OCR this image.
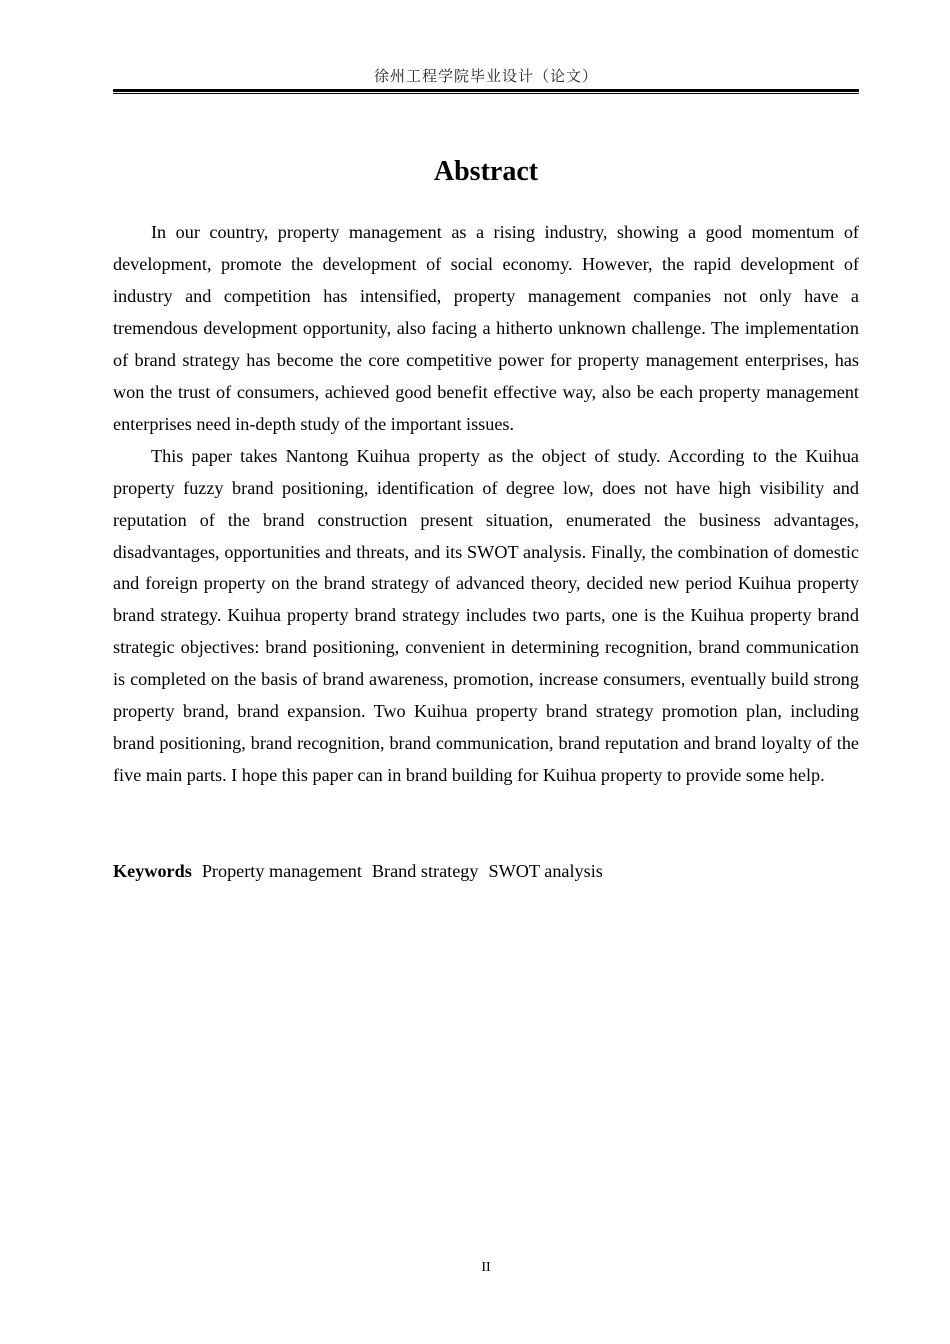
徐州工程学院毕业设计（论文）
Abstract

In our country, property management as a rising industry, showing a good momentum of development, promote the development of social economy. However, the rapid development of industry and competition has intensified, property management companies not only have a tremendous development opportunity, also facing a hitherto unknown challenge. The implementation of brand strategy has become the core competitive power for property management enterprises, has won the trust of consumers, achieved good benefit effective way, also be each property management enterprises need in-depth study of the important issues.

This paper takes Nantong Kuihua property as the object of study. According to the Kuihua property fuzzy brand positioning, identification of degree low, does not have high visibility and reputation of the brand construction present situation, enumerated the business advantages, disadvantages, opportunities and threats, and its SWOT analysis. Finally, the combination of domestic and foreign property on the brand strategy of advanced theory, decided new period Kuihua property brand strategy. Kuihua property brand strategy includes two parts, one is the Kuihua property brand strategic objectives: brand positioning, convenient in determining recognition, brand communication is completed on the basis of brand awareness, promotion, increase consumers, eventually build strong property brand, brand expansion. Two Kuihua property brand strategy promotion plan, including brand positioning, brand recognition, brand communication, brand reputation and brand loyalty of the five main parts. I hope this paper can in brand building for Kuihua property to provide some help.

Keywords Property management Brand strategy SWOT analysis
II
